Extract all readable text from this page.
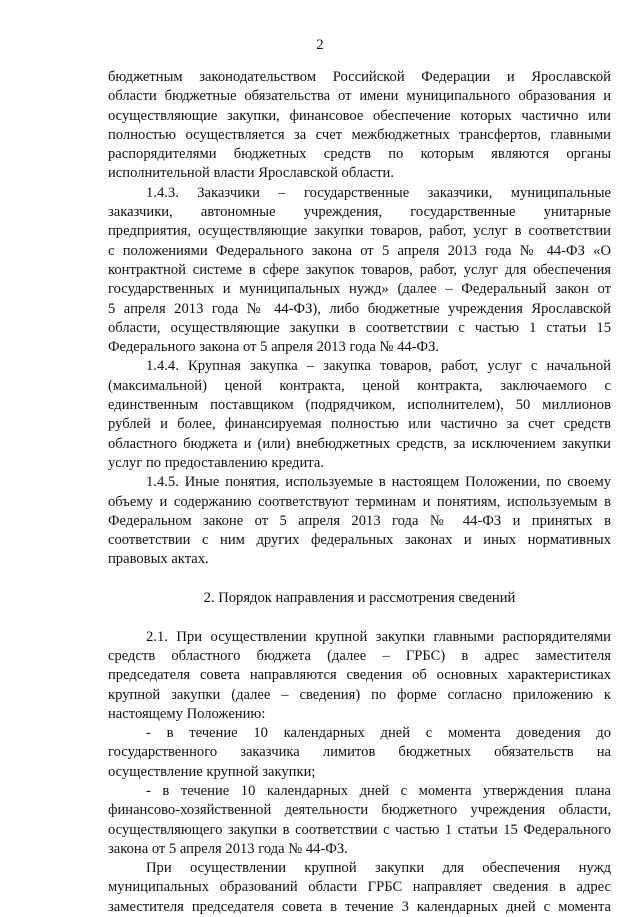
2
бюджетным законодательством Российской Федерации и Ярославской
области бюджетные обязательства от имени муниципального образования и
осуществляющие закупки, финансовое обеспечение которых частично или
полностью осуществляется за счет межбюджетных трансфертов, главными
распорядителями бюджетных средств по которым являются органы
исполнительной власти Ярославской области.
1.4.3. Заказчики – государственные заказчики, муниципальные
заказчики, автономные учреждения, государственные унитарные
предприятия, осуществляющие закупки товаров, работ, услуг в соответствии
с положениями Федерального закона от 5 апреля 2013 года № 44-ФЗ «О
контрактной системе в сфере закупок товаров, работ, услуг для обеспечения
государственных и муниципальных нужд» (далее – Федеральный закон от
5 апреля 2013 года № 44-ФЗ), либо бюджетные учреждения Ярославской
области, осуществляющие закупки в соответствии с частью 1 статьи 15
Федерального закона от 5 апреля 2013 года № 44-ФЗ.
1.4.4. Крупная закупка – закупка товаров, работ, услуг с начальной
(максимальной) ценой контракта, ценой контракта, заключаемого с
единственным поставщиком (подрядчиком, исполнителем), 50 миллионов
рублей и более, финансируемая полностью или частично за счет средств
областного бюджета и (или) внебюджетных средств, за исключением закупки
услуг по предоставлению кредита.
1.4.5. Иные понятия, используемые в настоящем Положении, по своему
объему и содержанию соответствуют терминам и понятиям, используемым в
Федеральном законе от 5 апреля 2013 года № 44-ФЗ и принятых в
соответствии с ним других федеральных законах и иных нормативных
правовых актах.
2. Порядок направления и рассмотрения сведений
2.1. При осуществлении крупной закупки главными распорядителями
средств областного бюджета (далее – ГРБС) в адрес заместителя
председателя совета направляются сведения об основных характеристиках
крупной закупки (далее – сведения) по форме согласно приложению к
настоящему Положению:
- в течение 10 календарных дней с момента доведения до
государственного заказчика лимитов бюджетных обязательств на
осуществление крупной закупки;
- в течение 10 календарных дней с момента утверждения плана
финансово-хозяйственной деятельности бюджетного учреждения области,
осуществляющего закупки в соответствии с частью 1 статьи 15 Федерального
закона от 5 апреля 2013 года № 44-ФЗ.
При осуществлении крупной закупки для обеспечения нужд
муниципальных образований области ГРБС направляет сведения в адрес
заместителя председателя совета в течение 3 календарных дней с момента
